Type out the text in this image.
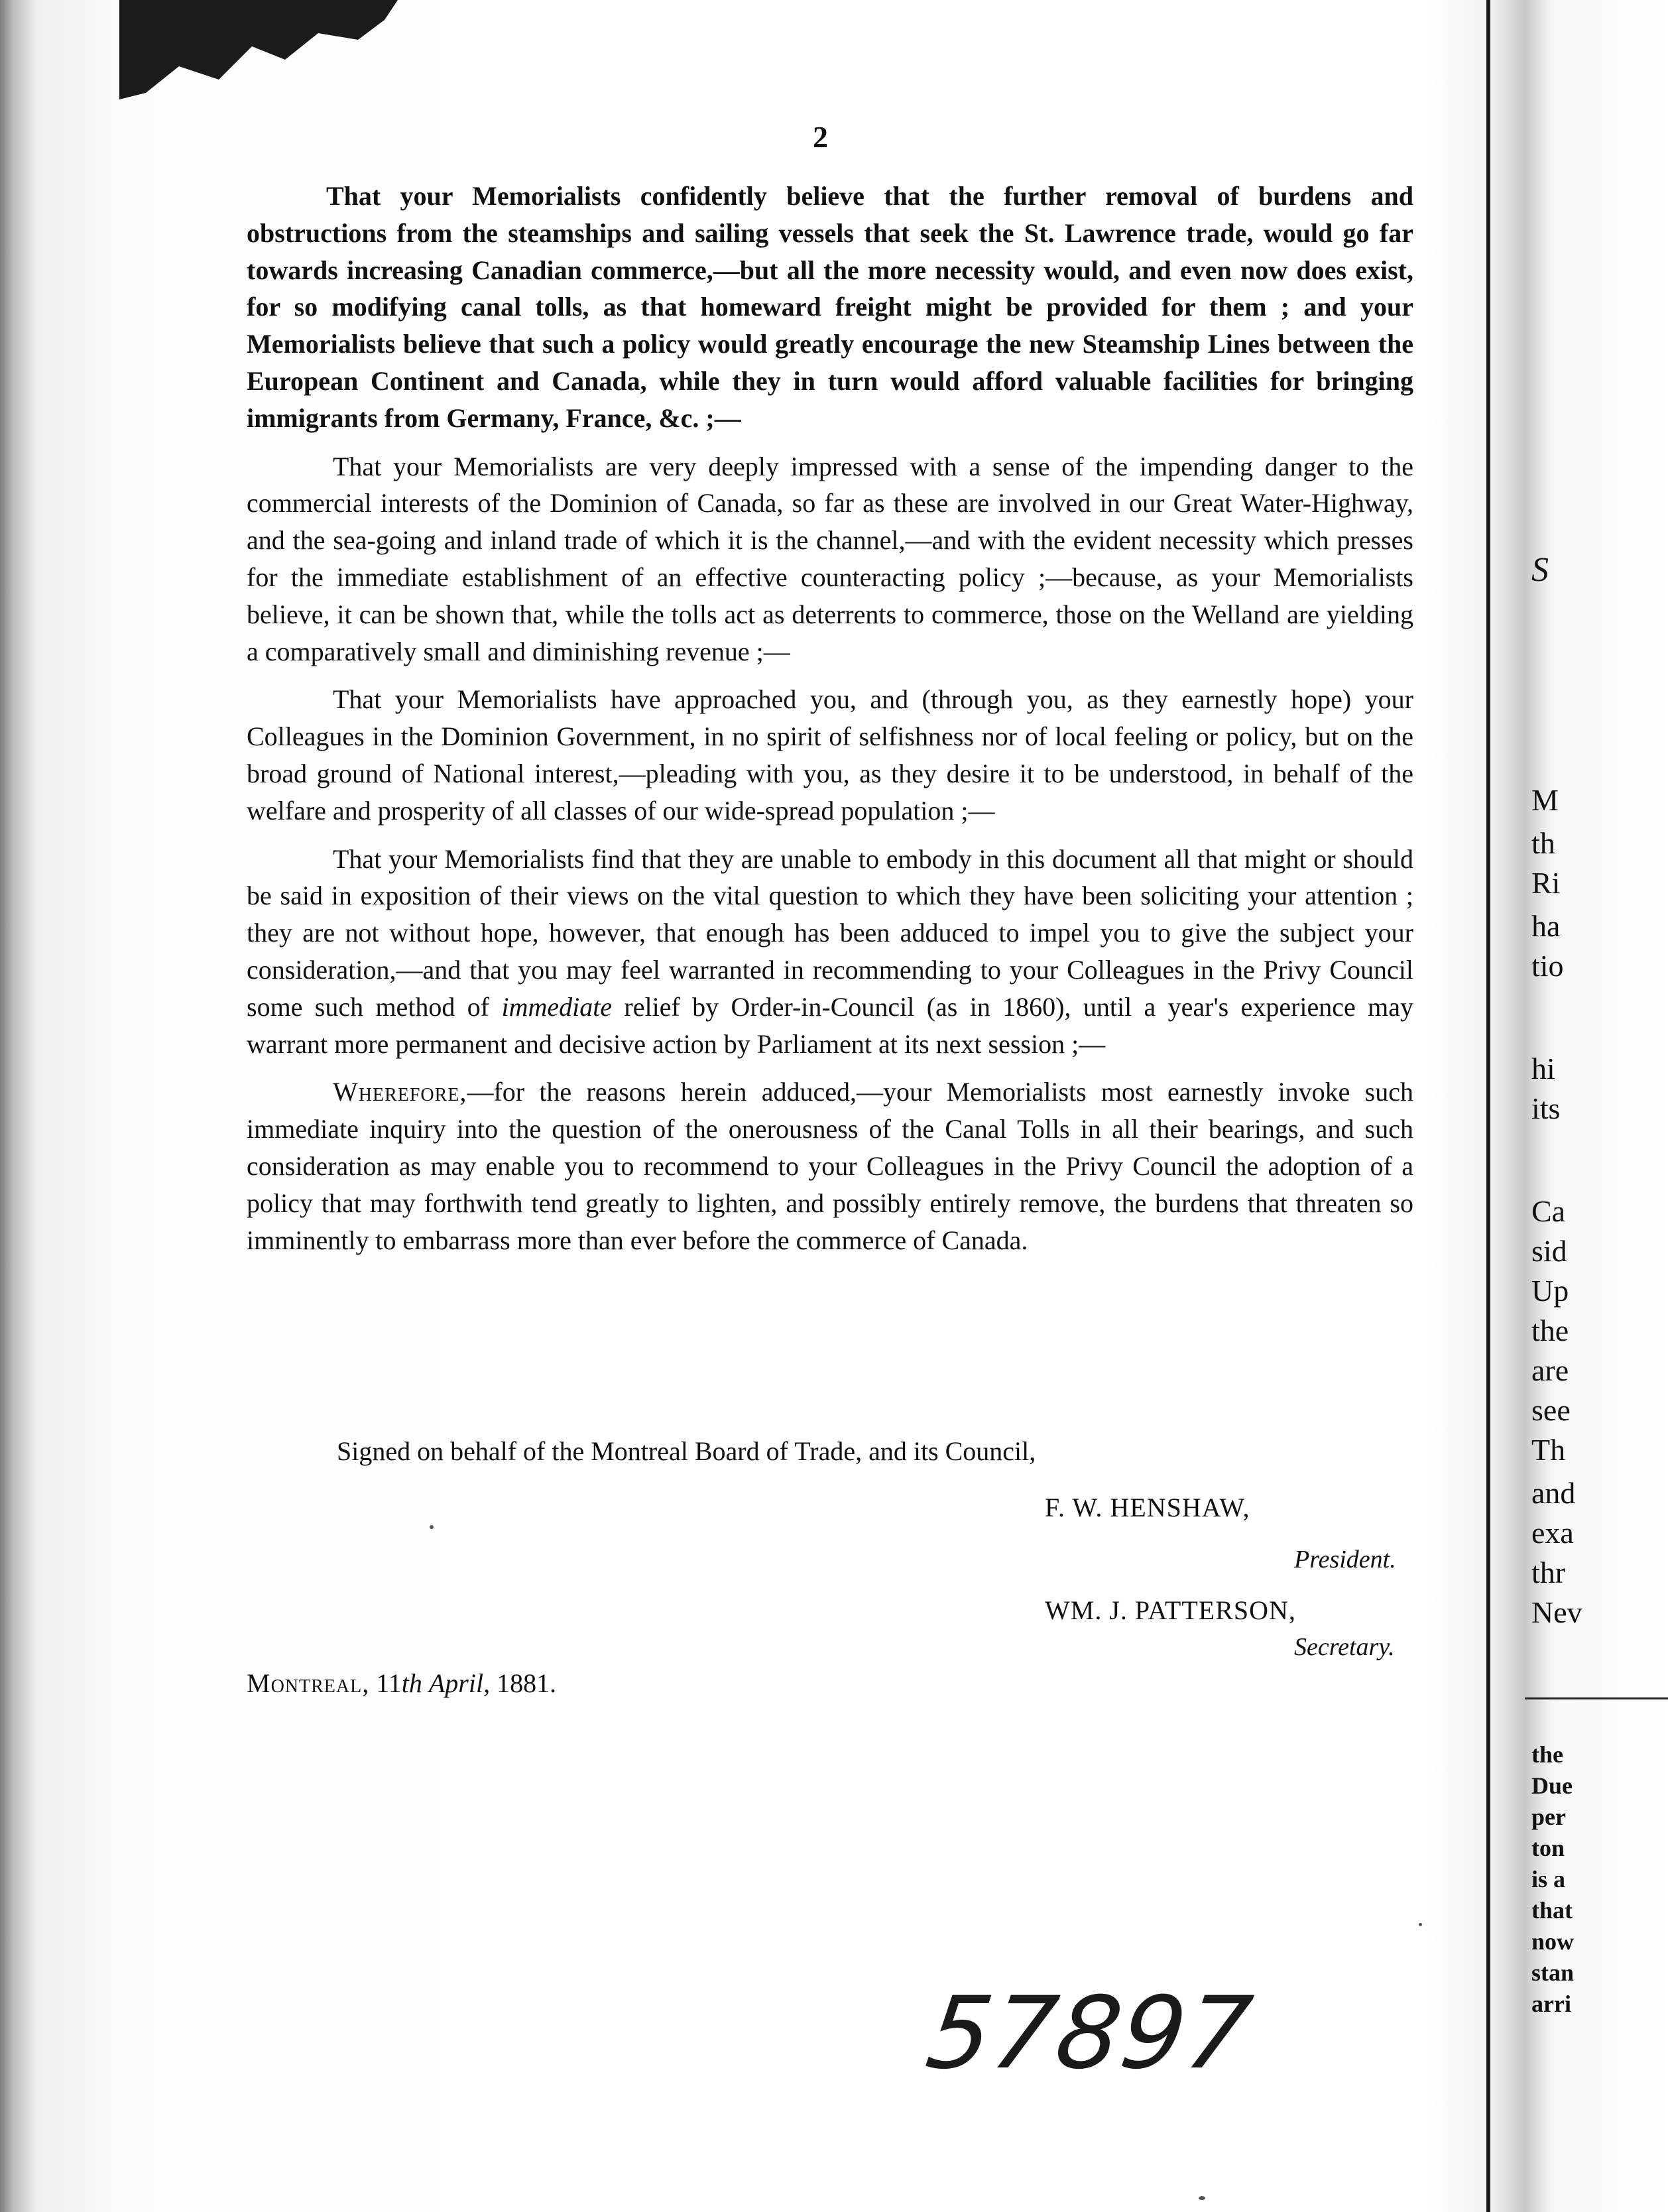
2

That your Memorialists confidently believe that the further removal of burdens and obstructions from the steamships and sailing vessels that seek the St. Lawrence trade, would go far towards increasing Canadian commerce,—but all the more necessity would, and even now does exist, for so modifying canal tolls, as that homeward freight might be provided for them ; and your Memorialists believe that such a policy would greatly encourage the new Steamship Lines between the European Continent and Canada, while they in turn would afford valuable facilities for bringing immigrants from Germany, France, &c. ;—

That your Memorialists are very deeply impressed with a sense of the impending danger to the commercial interests of the Dominion of Canada, so far as these are involved in our Great Water-Highway, and the sea-going and inland trade of which it is the channel,—and with the evident necessity which presses for the immediate establishment of an effective counteracting policy ;—because, as your Memorialists believe, it can be shown that, while the tolls act as deterrents to commerce, those on the Welland are yielding a comparatively small and diminishing revenue ;—

That your Memorialists have approached you, and (through you, as they earnestly hope) your Colleagues in the Dominion Government, in no spirit of selfishness nor of local feeling or policy, but on the broad ground of National interest,—pleading with you, as they desire it to be understood, in behalf of the welfare and prosperity of all classes of our wide-spread population ;—

That your Memorialists find that they are unable to embody in this document all that might or should be said in exposition of their views on the vital question to which they have been soliciting your attention ; they are not without hope, however, that enough has been adduced to impel you to give the subject your consideration,—and that you may feel warranted in recommending to your Colleagues in the Privy Council some such method of immediate relief by Order-in-Council (as in 1860), until a year's experience may warrant more permanent and decisive action by Parliament at its next session ;—

Wherefore,—for the reasons herein adduced,—your Memorialists most earnestly invoke such immediate inquiry into the question of the onerousness of the Canal Tolls in all their bearings, and such consideration as may enable you to recommend to your Colleagues in the Privy Council the adoption of a policy that may forthwith tend greatly to lighten, and possibly entirely remove, the burdens that threaten so imminently to embarrass more than ever before the commerce of Canada.

Signed on behalf of the Montreal Board of Trade, and its Council,
F. W. HENSHAW,
President.
WM. J. PATTERSON,
Secretary.
Montreal, 11th April, 1881.
57897
S
M
th
Ri
ha
tio
hi
its
Ca
sid
Up
the
are
see
Th
and
exa
thr
Nev
the
Due
per
ton
is a
that
now
stan
arri
